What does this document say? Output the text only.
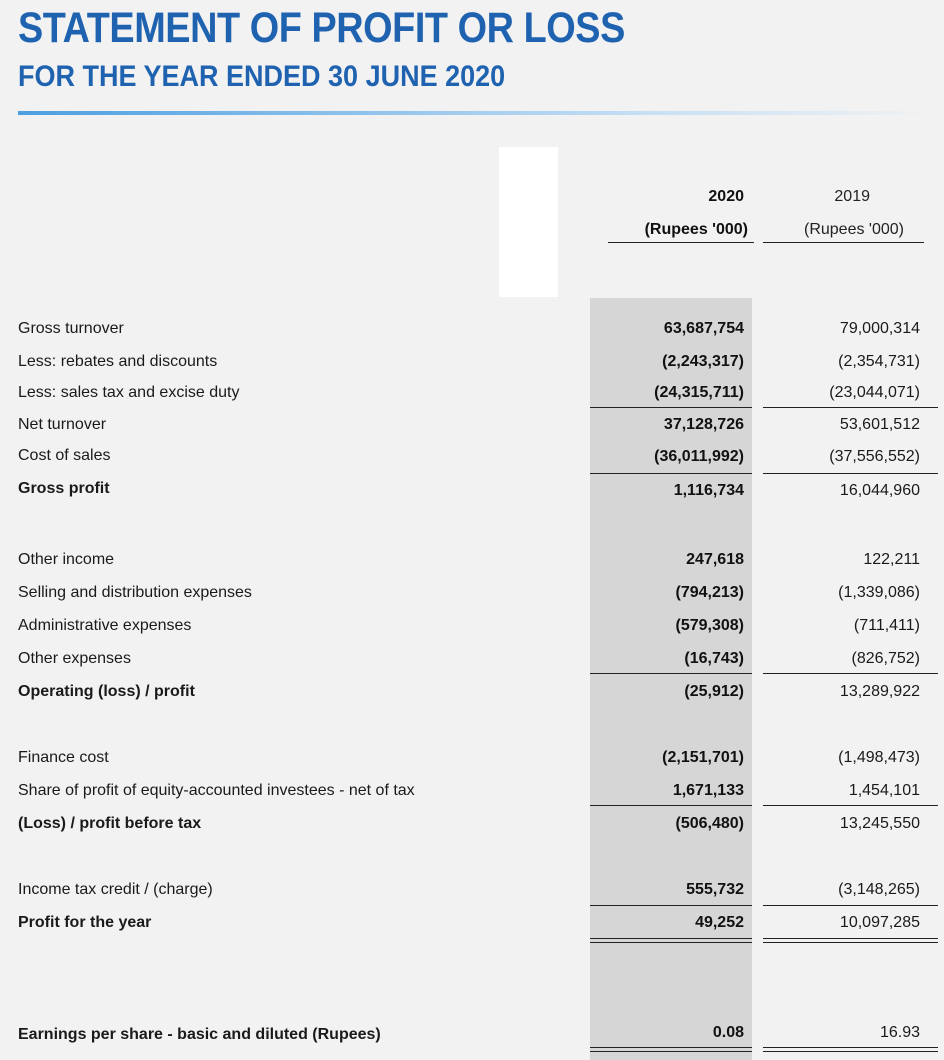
STATEMENT OF PROFIT OR LOSS
FOR THE YEAR ENDED 30 JUNE 2020
2020
(Rupees '000)
2019
(Rupees '000)
Gross turnover	63,687,754	79,000,314
Less: rebates and discounts	(2,243,317)	(2,354,731)
Less: sales tax and excise duty	(24,315,711)	(23,044,071)
Net turnover	37,128,726	53,601,512
Cost of sales	(36,011,992)	(37,556,552)
Gross profit	1,116,734	16,044,960
Other income	247,618	122,211
Selling and distribution expenses	(794,213)	(1,339,086)
Administrative expenses	(579,308)	(711,411)
Other expenses	(16,743)	(826,752)
Operating (loss) / profit	(25,912)	13,289,922
Finance cost	(2,151,701)	(1,498,473)
Share of profit of equity-accounted investees - net of tax	1,671,133	1,454,101
(Loss) / profit before tax	(506,480)	13,245,550
Income tax credit / (charge)	555,732	(3,148,265)
Profit for the year	49,252	10,097,285
Earnings per share - basic and diluted (Rupees)	0.08	16.93
